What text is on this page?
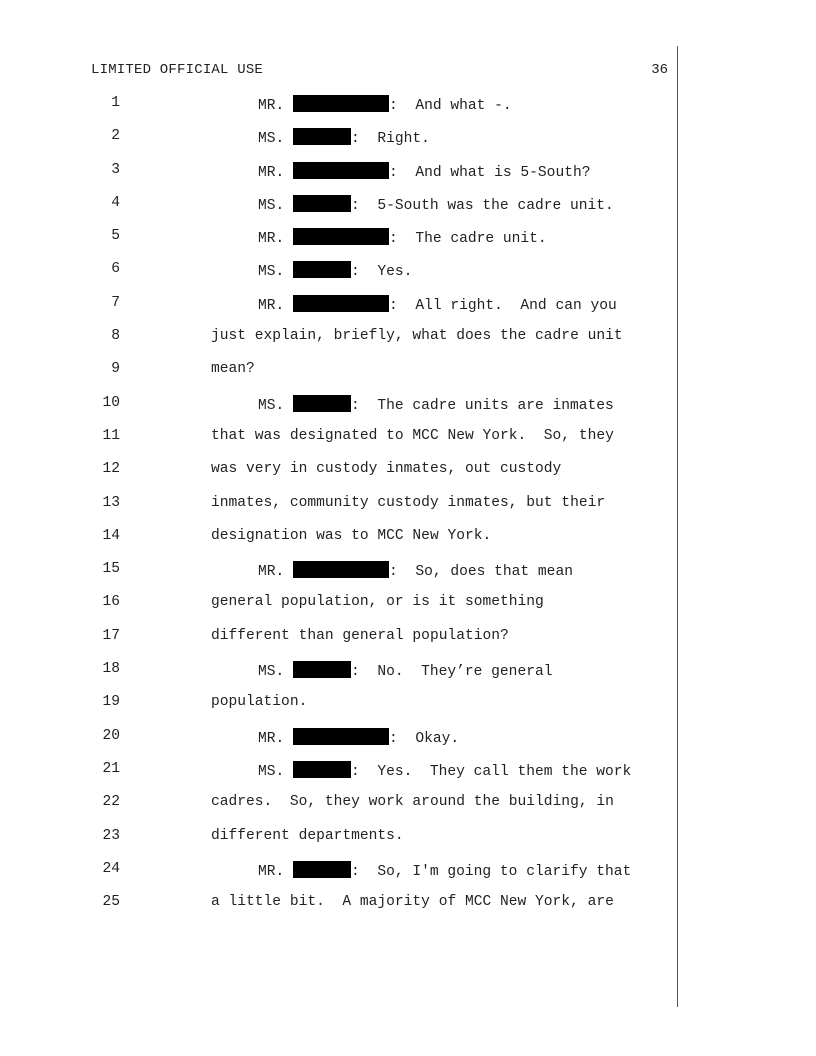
LIMITED OFFICIAL USE	36
1	MR.	:  And what -.
2	MS.	:  Right.
3	MR.	:  And what is 5-South?
4	MS.	:  5-South was the cadre unit.
5	MR.	:  The cadre unit.
6	MS.	:  Yes.
7	MR.	:  All right.  And can you
8	just explain, briefly, what does the cadre unit
9	mean?
10	MS.	:  The cadre units are inmates
11	that was designated to MCC New York.  So, they
12	was very in custody inmates, out custody
13	inmates, community custody inmates, but their
14	designation was to MCC New York.
15	MR.	:  So, does that mean
16	general population, or is it something
17	different than general population?
18	MS.	:  No.  They’re general
19	population.
20	MR.	:  Okay.
21	MS.	:  Yes.  They call them the work
22	cadres.  So, they work around the building, in
23	different departments.
24	MR.	:  So, I'm going to clarify that
25	a little bit.  A majority of MCC New York, are
